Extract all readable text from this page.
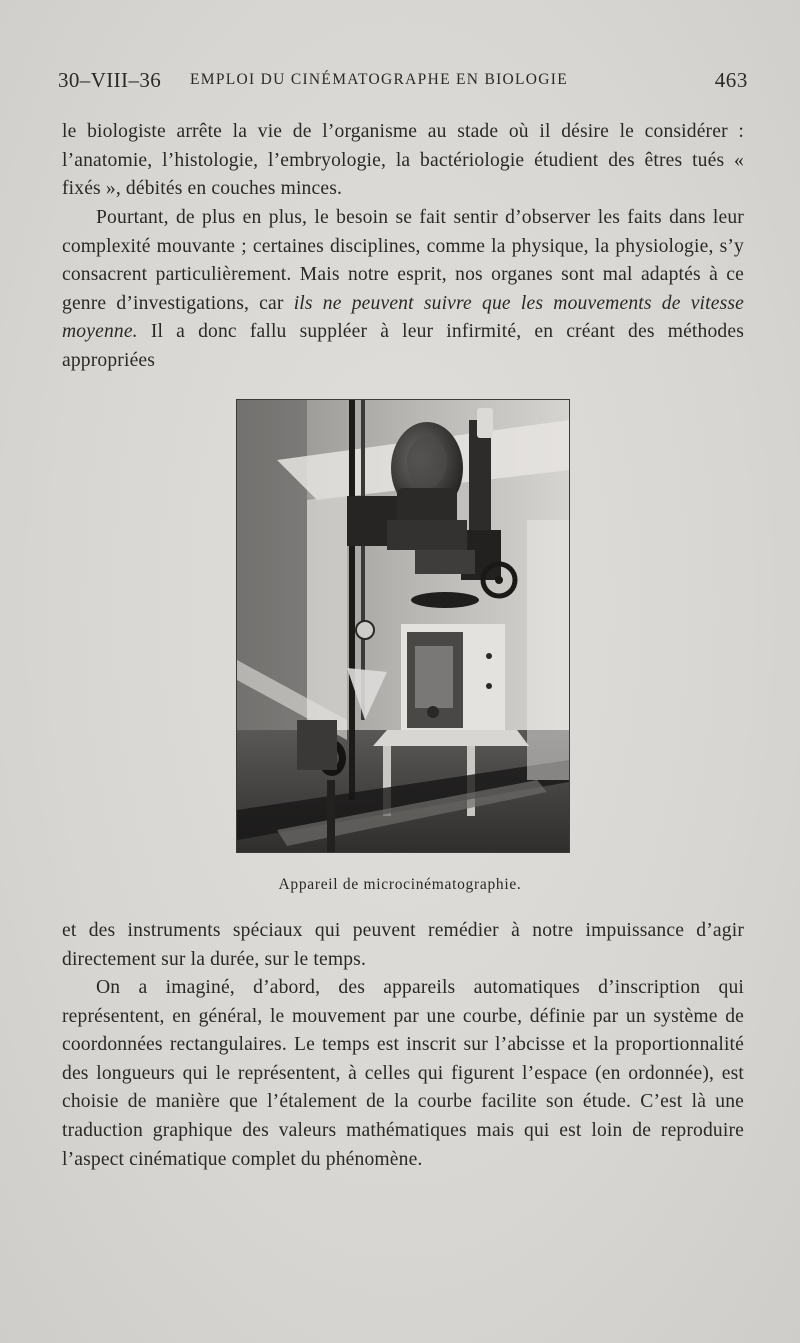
30–VIII–36 EMPLOI DU CINÉMATOGRAPHE EN BIOLOGIE	463

le biologiste arrête la vie de l’organisme au stade où il désire le considérer : l’anatomie, l’histologie, l’embryologie, la bactériologie étudient des êtres tués « fixés », débités en couches minces.

Pourtant, de plus en plus, le besoin se fait sentir d’observer les faits dans leur complexité mouvante ; certaines disciplines, comme la physique, la physiologie, s’y consacrent particulièrement. Mais notre esprit, nos organes sont mal adaptés à ce genre d’investigations, car ils ne peuvent suivre que les mouvements de vitesse moyenne. Il a donc fallu suppléer à leur infirmité, en créant des méthodes appropriées

Appareil de microcinématographie.

et des instruments spéciaux qui peuvent remédier à notre impuissance d’agir directement sur la durée, sur le temps.

On a imaginé, d’abord, des appareils automatiques d’inscription qui représentent, en général, le mouvement par une courbe, définie par un système de coordonnées rectangulaires. Le temps est inscrit sur l’abcisse et la proportionnalité des longueurs qui le représentent, à celles qui figurent l’espace (en ordonnée), est choisie de manière que l’étalement de la courbe facilite son étude. C’est là une traduction graphique des valeurs mathématiques mais qui est loin de reproduire l’aspect cinématique complet du phénomène.
